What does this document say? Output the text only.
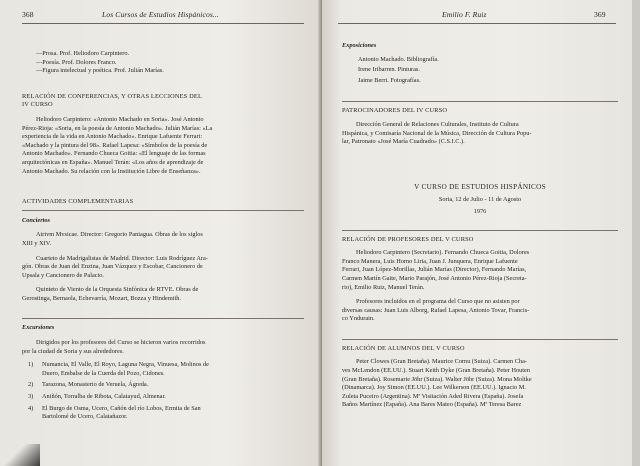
368	Los Cursos de Estudios Hispánicos...

—Prosa. Prof. Heliodoro Carpintero.

—Poesía. Prof. Dolores Franco.

—Figura intelectual y poética. Prof. Julián Marías.

RELACIÓN DE CONFERENCIAS, Y OTRAS LECCIONES DEL

IV CURSO

Heliodoro Carpintero: «Antonio Machado en Soria». José Antonio

Pérez-Rioja: «Soria, en la poesía de Antonio Machado». Julián Marías: «La

experiencia de la vida en Antonio Machado». Enrique Lafuente Ferrari:

«Machado y la pintura del 98». Rafael Lapesa: «Símbolos de la poesía de

Antonio Machado». Fernando Chueca Goitia: «El lenguaje de las formas

arquitectónicas en España». Manuel Terán: «Los años de aprendizaje de

Antonio Machado. Su relación con la Institución Libre de Enseñanza».

ACTIVIDADES COMPLEMENTARIAS

Conciertos

Atrivm Mvsicae. Director: Gregorio Paniagua. Obras de los siglos

XIII y XIV.

Cuarteto de Madrigalistas de Madrid. Director: Luis Rodríguez Ara-

gón. Obras de Juan del Enzina, Juan Vázquez y Escobar, Cancionero de

Upsala y Cancionero de Palacio.

Quinteto de Viento de la Orquesta Sinfónica de RTVE. Obras de

Gerostinga, Bernaola, Echevarría, Mozart, Bozza y Hindemith.

Excursiones

Dirigidos por los profesores del Curso se hicieron varios recorridos

por la ciudad de Soria y sus alrededores.

1)	Numancia, El Valle, El Royo, Laguna Negra, Vinuesa, Molinos de

Duero, Embalse de la Cuerda del Pozo, Cidones.

2)	Tarazona, Monasterio de Veruela, Ágreda.

3)	Aniñón, Torralba de Ribota, Calatayud, Almenar.

4)	El Burgo de Osma, Ucero, Cañón del río Lobos, Ermita de San

Bartolomé de Ucero, Calatañazor.

Emilio F. Ruiz	369

Exposiciones

Antonio Machado. Bibliografía.

Irene Iribarren. Pinturas.

Jaime Berri. Fotografías.

PATROCINADORES DEL IV CURSO

Dirección General de Relaciones Culturales, Instituto de Cultura

Hispánica, y Comisaría Nacional de la Música, Dirección de Cultura Popu-

lar, Patronato «José María Cuadrado» (C.S.I.C.).

V CURSO DE ESTUDIOS HISPÁNICOS

Soria, 12 de Julio - 11 de Agosto

1976

RELACIÓN DE PROFESORES DEL V CURSO

Heliodoro Carpintero (Secretario). Fernando Chueca Goitia, Dolores

Franco Manera, Luis Horno Liria, Juan J. Junquera, Enrique Lafuente

Ferrari, Juan López-Morillas, Julián Marías (Director), Fernando Marías,

Carmen Martín Gaite, Mario Parajón, José Antonio Pérez-Rioja (Secreta-

rio), Emilio Ruiz, Manuel Terán.

Profesores incluidos en el programa del Curso que no asisten por

diversas causas: Juan Luis Alborg, Rafael Lapesa, Antonio Tovar, Francis-

co Yndurain.

RELACIÓN DE ALUMNOS DEL V CURSO

Peter Clowes (Gran Bretaña). Maurice Cornu (Suiza). Carmen Cha-

ves McLendon (EE.UU.). Stuart Keith Dyke (Gran Bretaña). Peter Houten

(Gran Bretaña). Rosemarie Jöhr (Suiza). Walter Jöhr (Suiza). Mona Moltke

(Dinamarca). Joy Simon (EE.UU.). Lee Wilkerson (EE.UU.). Ignacio M.

Zuleta Puceiro (Argentina). Mª Visitación Aded Rivera (España). Josefa

Baños Martínez (España). Ana Bares Mateo (España). Mª Teresa Barez
